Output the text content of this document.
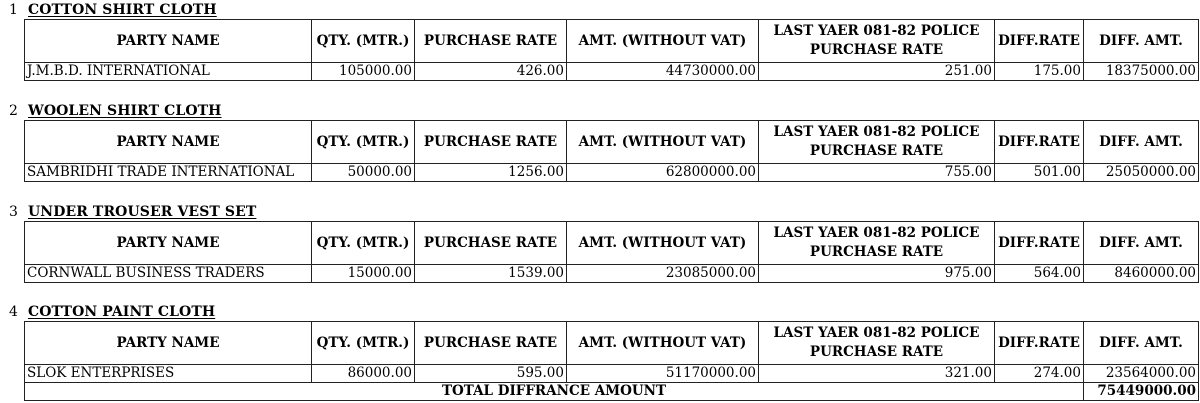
1 COTTON SHIRT CLOTH
PARTY NAME	QTY. (MTR.)	PURCHASE RATE	AMT. (WITHOUT VAT)	LAST YAER 081-82 POLICE PURCHASE RATE	DIFF.RATE	DIFF. AMT.
J.M.B.D. INTERNATIONAL	105000.00	426.00	44730000.00	251.00	175.00	18375000.00
2 WOOLEN SHIRT CLOTH
PARTY NAME	QTY. (MTR.)	PURCHASE RATE	AMT. (WITHOUT VAT)	LAST YAER 081-82 POLICE PURCHASE RATE	DIFF.RATE	DIFF. AMT.
SAMBRIDHI TRADE INTERNATIONAL	50000.00	1256.00	62800000.00	755.00	501.00	25050000.00
3 UNDER TROUSER VEST SET
PARTY NAME	QTY. (MTR.)	PURCHASE RATE	AMT. (WITHOUT VAT)	LAST YAER 081-82 POLICE PURCHASE RATE	DIFF.RATE	DIFF. AMT.
CORNWALL BUSINESS TRADERS	15000.00	1539.00	23085000.00	975.00	564.00	8460000.00
4 COTTON PAINT CLOTH
PARTY NAME	QTY. (MTR.)	PURCHASE RATE	AMT. (WITHOUT VAT)	LAST YAER 081-82 POLICE PURCHASE RATE	DIFF.RATE	DIFF. AMT.
SLOK ENTERPRISES	86000.00	595.00	51170000.00	321.00	274.00	23564000.00
TOTAL DIFFRANCE AMOUNT						75449000.00
